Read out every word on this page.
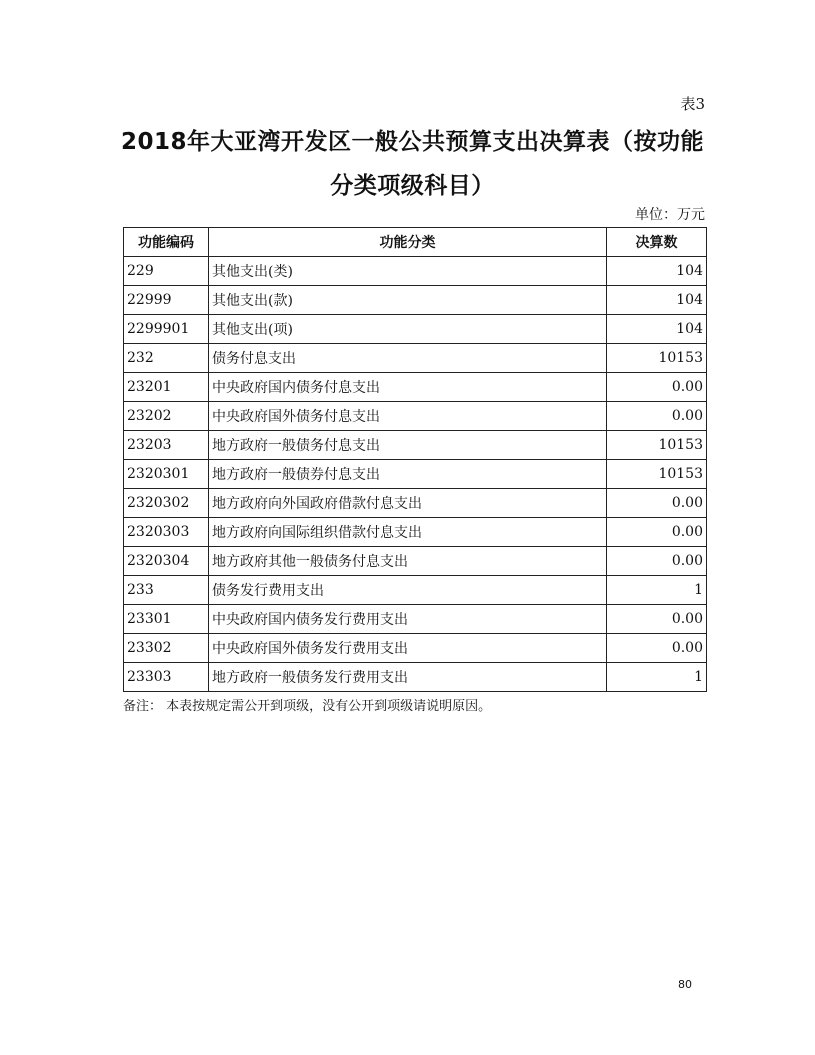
表3
2018年大亚湾开发区一般公共预算支出决算表（按功能分类项级科目）
单位：万元
功能编码	功能分类	决算数
229	其他支出(类)	104
22999	其他支出(款)	104
2299901	其他支出(项)	104
232	债务付息支出	10153
23201	中央政府国内债务付息支出	0.00
23202	中央政府国外债务付息支出	0.00
23203	地方政府一般债务付息支出	10153
2320301	地方政府一般债券付息支出	10153
2320302	地方政府向外国政府借款付息支出	0.00
2320303	地方政府向国际组织借款付息支出	0.00
2320304	地方政府其他一般债务付息支出	0.00
233	债务发行费用支出	1
23301	中央政府国内债务发行费用支出	0.00
23302	中央政府国外债务发行费用支出	0.00
23303	地方政府一般债务发行费用支出	1
备注： 本表按规定需公开到项级，没有公开到项级请说明原因。
80
